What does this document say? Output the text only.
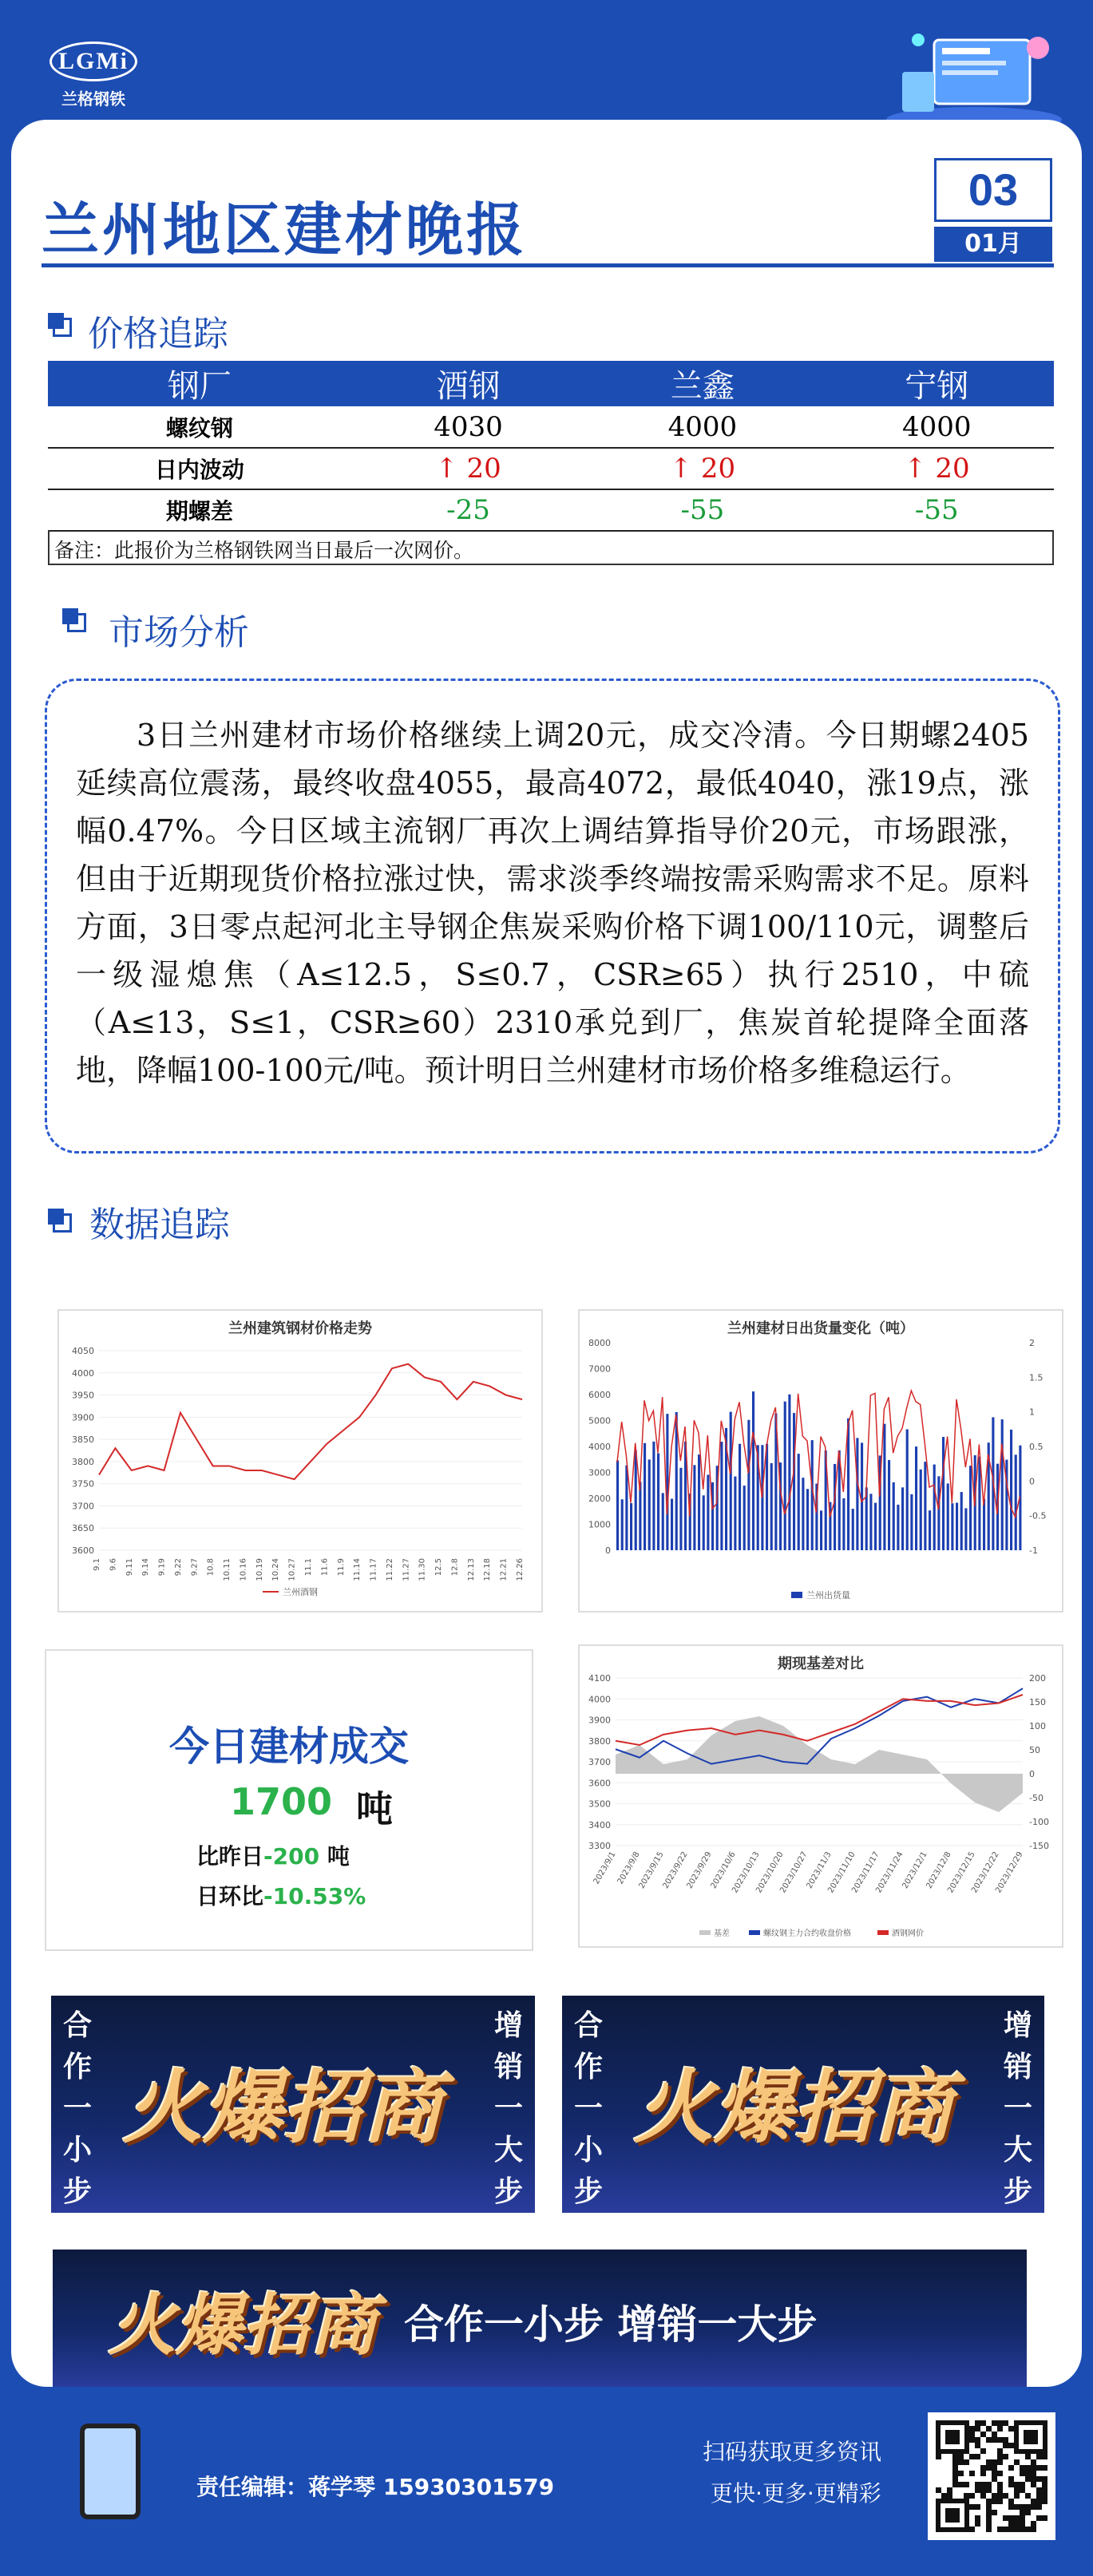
LGMi
兰格钢铁
兰州地区建材晚报
03
01月
价格追踪
钢厂	酒钢	兰鑫	宁钢
螺纹钢	4030	4000	4000
日内波动	↑ 20	↑ 20	↑ 20
期螺差	-25	-55	-55
备注：此报价为兰格钢铁网当日最后一次网价。
市场分析
3日兰州建材市场价格继续上调20元，成交冷清。今日期螺2405延续高位震荡，最终收盘4055，最高4072，最低4040，涨19点，涨幅0.47%。今日区域主流钢厂再次上调结算指导价20元，市场跟涨，但由于近期现货价格拉涨过快，需求淡季终端按需采购需求不足。原料方面，3日零点起河北主导钢企焦炭采购价格下调100/110元，调整后一级湿熄焦（A≤12.5，S≤0.7，CSR≥65）执行2510，中硫（A≤13，S≤1，CSR≥60）2310承兑到厂，焦炭首轮提降全面落地，降幅100-100元/吨。预计明日兰州建材市场价格多维稳运行。
数据追踪
兰州建筑钢材价格走势
4050
4000
3950
3900
3850
3800
3750
3700
3650
3600
9.1 9.6 9.11 9.14 9.19 9.22 9.27 10.8 10.11 10.16 10.19 10.24 10.27 11.1 11.6 11.9 11.14 11.17 11.22 11.27 11.30 12.5 12.8 12.13 12.18 12.21 12.26
兰州酒钢
兰州建材日出货量变化（吨）
8000
7000
6000
5000
4000
3000
2000
1000
0
2
1.5
1
0.5
0
-0.5
-1
兰州出货量
今日建材成交
1700 吨
比昨日-200 吨
日环比-10.53%
期现基差对比
4100
4000
3900
3800
3700
3600
3500
3400
3300
200
150
100
50
0
-50
-100
-150
2023/9/1
2023/9/8
2023/9/15
2023/9/22
2023/9/29
2023/10/6
2023/10/13
2023/10/20
2023/10/27
2023/11/3
2023/11/10
2023/11/17
2023/11/24
2023/12/1
2023/12/8
2023/12/15
2023/12/22
2023/12/29
基差	螺纹钢主力合约收盘价格	酒钢网价
合
作
一
小
步
增
销
一
大
步
火爆招商
合
作
一
小
步
增
销
一
大
步
火爆招商
火爆招商 合作一小步 增销一大步
责任编辑：蒋学琴 15930301579
扫码获取更多资讯
更快·更多·更精彩
